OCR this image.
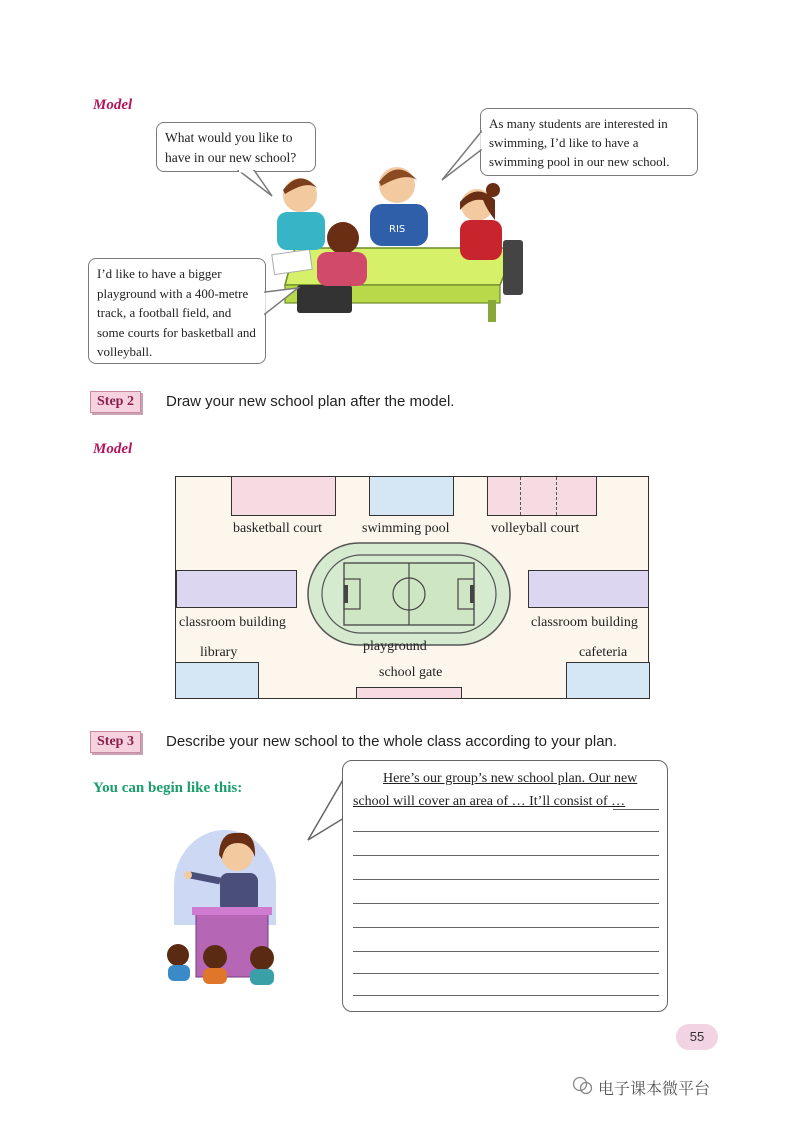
Model
RIS
What would you like to have in our new school?
As many students are interested in swimming, I’d like to have a swimming pool in our new school.
I’d like to have a bigger playground with a 400-metre track, a football field, and some courts for basketball and volleyball.
Step 2	Draw your new school plan after the model.
Model
basketball court	swimming pool	volleyball court
classroom building	classroom building
playground
library	cafeteria
school gate
Step 3	Describe your new school to the whole class according to your plan.
You can begin like this:
Here’s our group’s new school plan. Our new
school will cover an area of … It’ll consist of …
55
电子课本微平台
